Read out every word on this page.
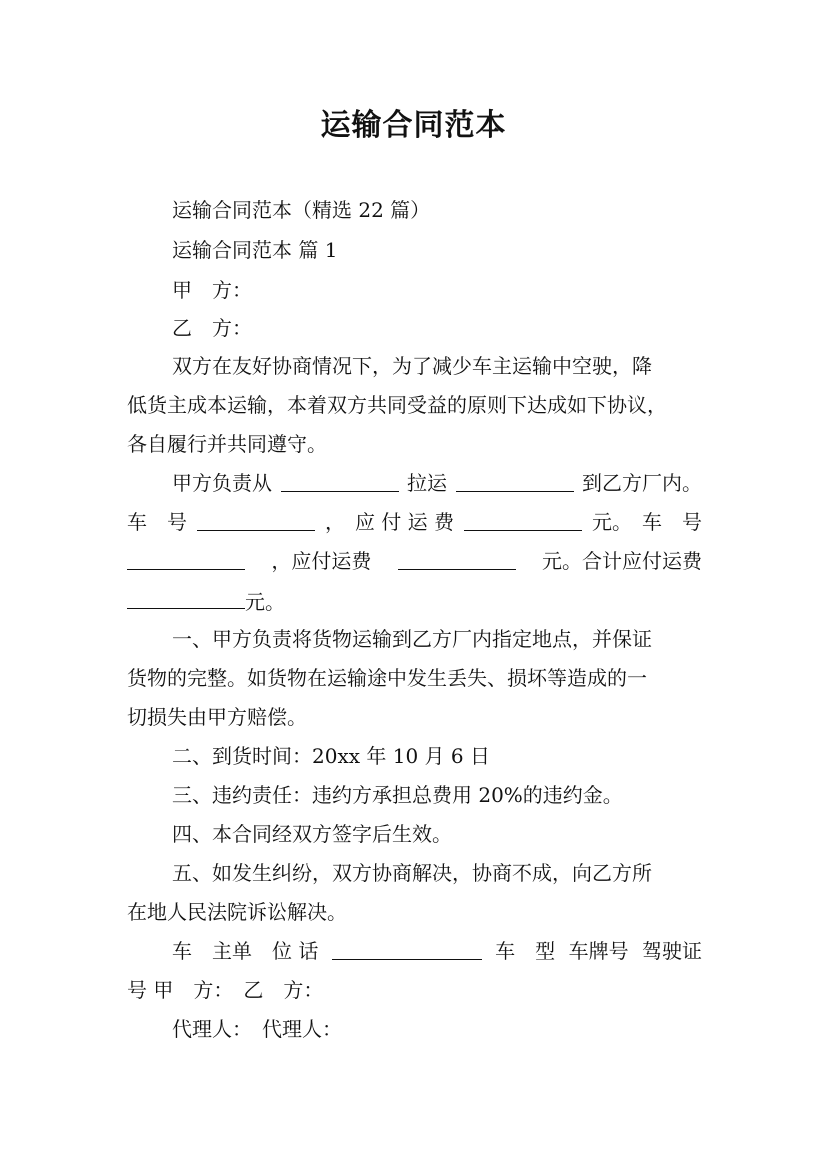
运输合同范本
运输合同范本（精选 22 篇）
运输合同范本 篇 1
甲　方：
乙　方：
双方在友好协商情况下，为了减少车主运输中空驶，降
低货主成本运输，本着双方共同受益的原则下达成如下协议，
各自履行并共同遵守。
甲方负责从	拉运	到乙方厂内。
车　号	， 应 付 运 费	元。 车　号
，应付运费	元。合计应付运费
元。
一、甲方负责将货物运输到乙方厂内指定地点，并保证
货物的完整。如货物在运输途中发生丢失、损坏等造成的一
切损失由甲方赔偿。
二、到货时间：20xx 年 10 月 6 日
三、违约责任：违约方承担总费用 20%的违约金。
四、本合同经双方签字后生效。
五、如发生纠纷，双方协商解决，协商不成，向乙方所
在地人民法院诉讼解决。
车　主单　位 话	车　型 车牌号 驾驶证
号 甲　方：　乙　方：
代理人：　代理人：
